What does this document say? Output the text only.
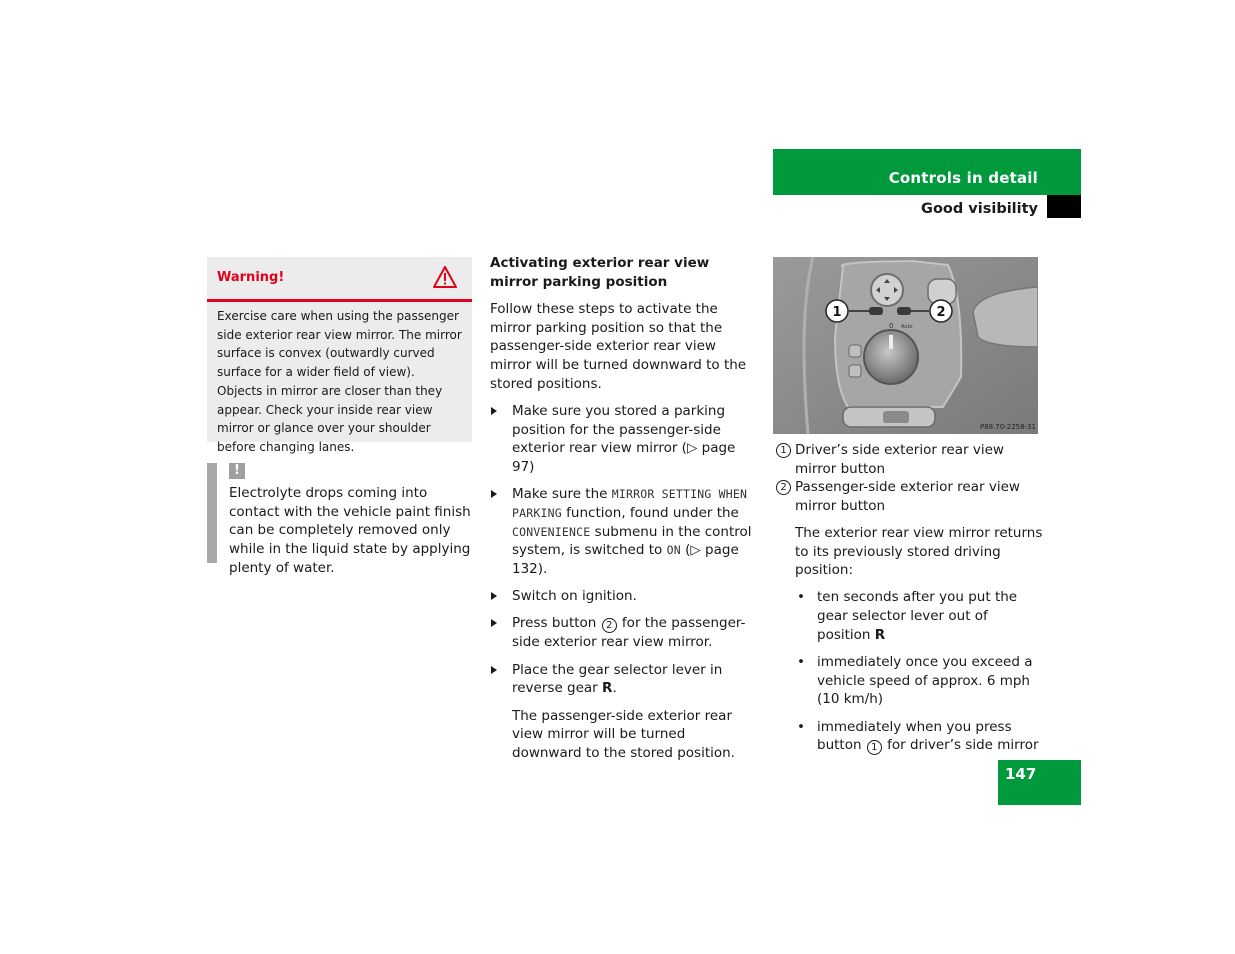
Controls in detail
Good visibility
Warning!
Exercise care when using the passenger side exterior rear view mirror. The mirror surface is convex (outwardly curved surface for a wider field of view). Objects in mirror are closer than they appear. Check your inside rear view mirror or glance over your shoulder before changing lanes.
!
Electrolyte drops coming into contact with the vehicle paint finish can be completely removed only while in the liquid state by applying plenty of water.

Activating exterior rear view mirror parking position

Follow these steps to activate the mirror parking position so that the passenger-side exterior rear view mirror will be turned downward to the stored positions.

Make sure you stored a parking position for the passenger-side exterior rear view mirror (▷ page 97)
Make sure the MIRROR SETTING WHEN PARKING function, found under the CONVENIENCE submenu in the control system, is switched to ON (▷ page 132).
Switch on ignition.
Press button 2 for the passenger-side exterior rear view mirror.
Place the gear selector lever in reverse gear R.

The passenger-side exterior rear view mirror will be turned downward to the stored position.

1	2
0 Auto
P88.70-2258-31
1 Driver’s side exterior rear view mirror button
2 Passenger-side exterior rear view mirror button

The exterior rear view mirror returns to its previously stored driving position:

• ten seconds after you put the gear selector lever out of position R
• immediately once you exceed a vehicle speed of approx. 6 mph (10 km/h)
• immediately when you press button 1 for driver’s side mirror
147
